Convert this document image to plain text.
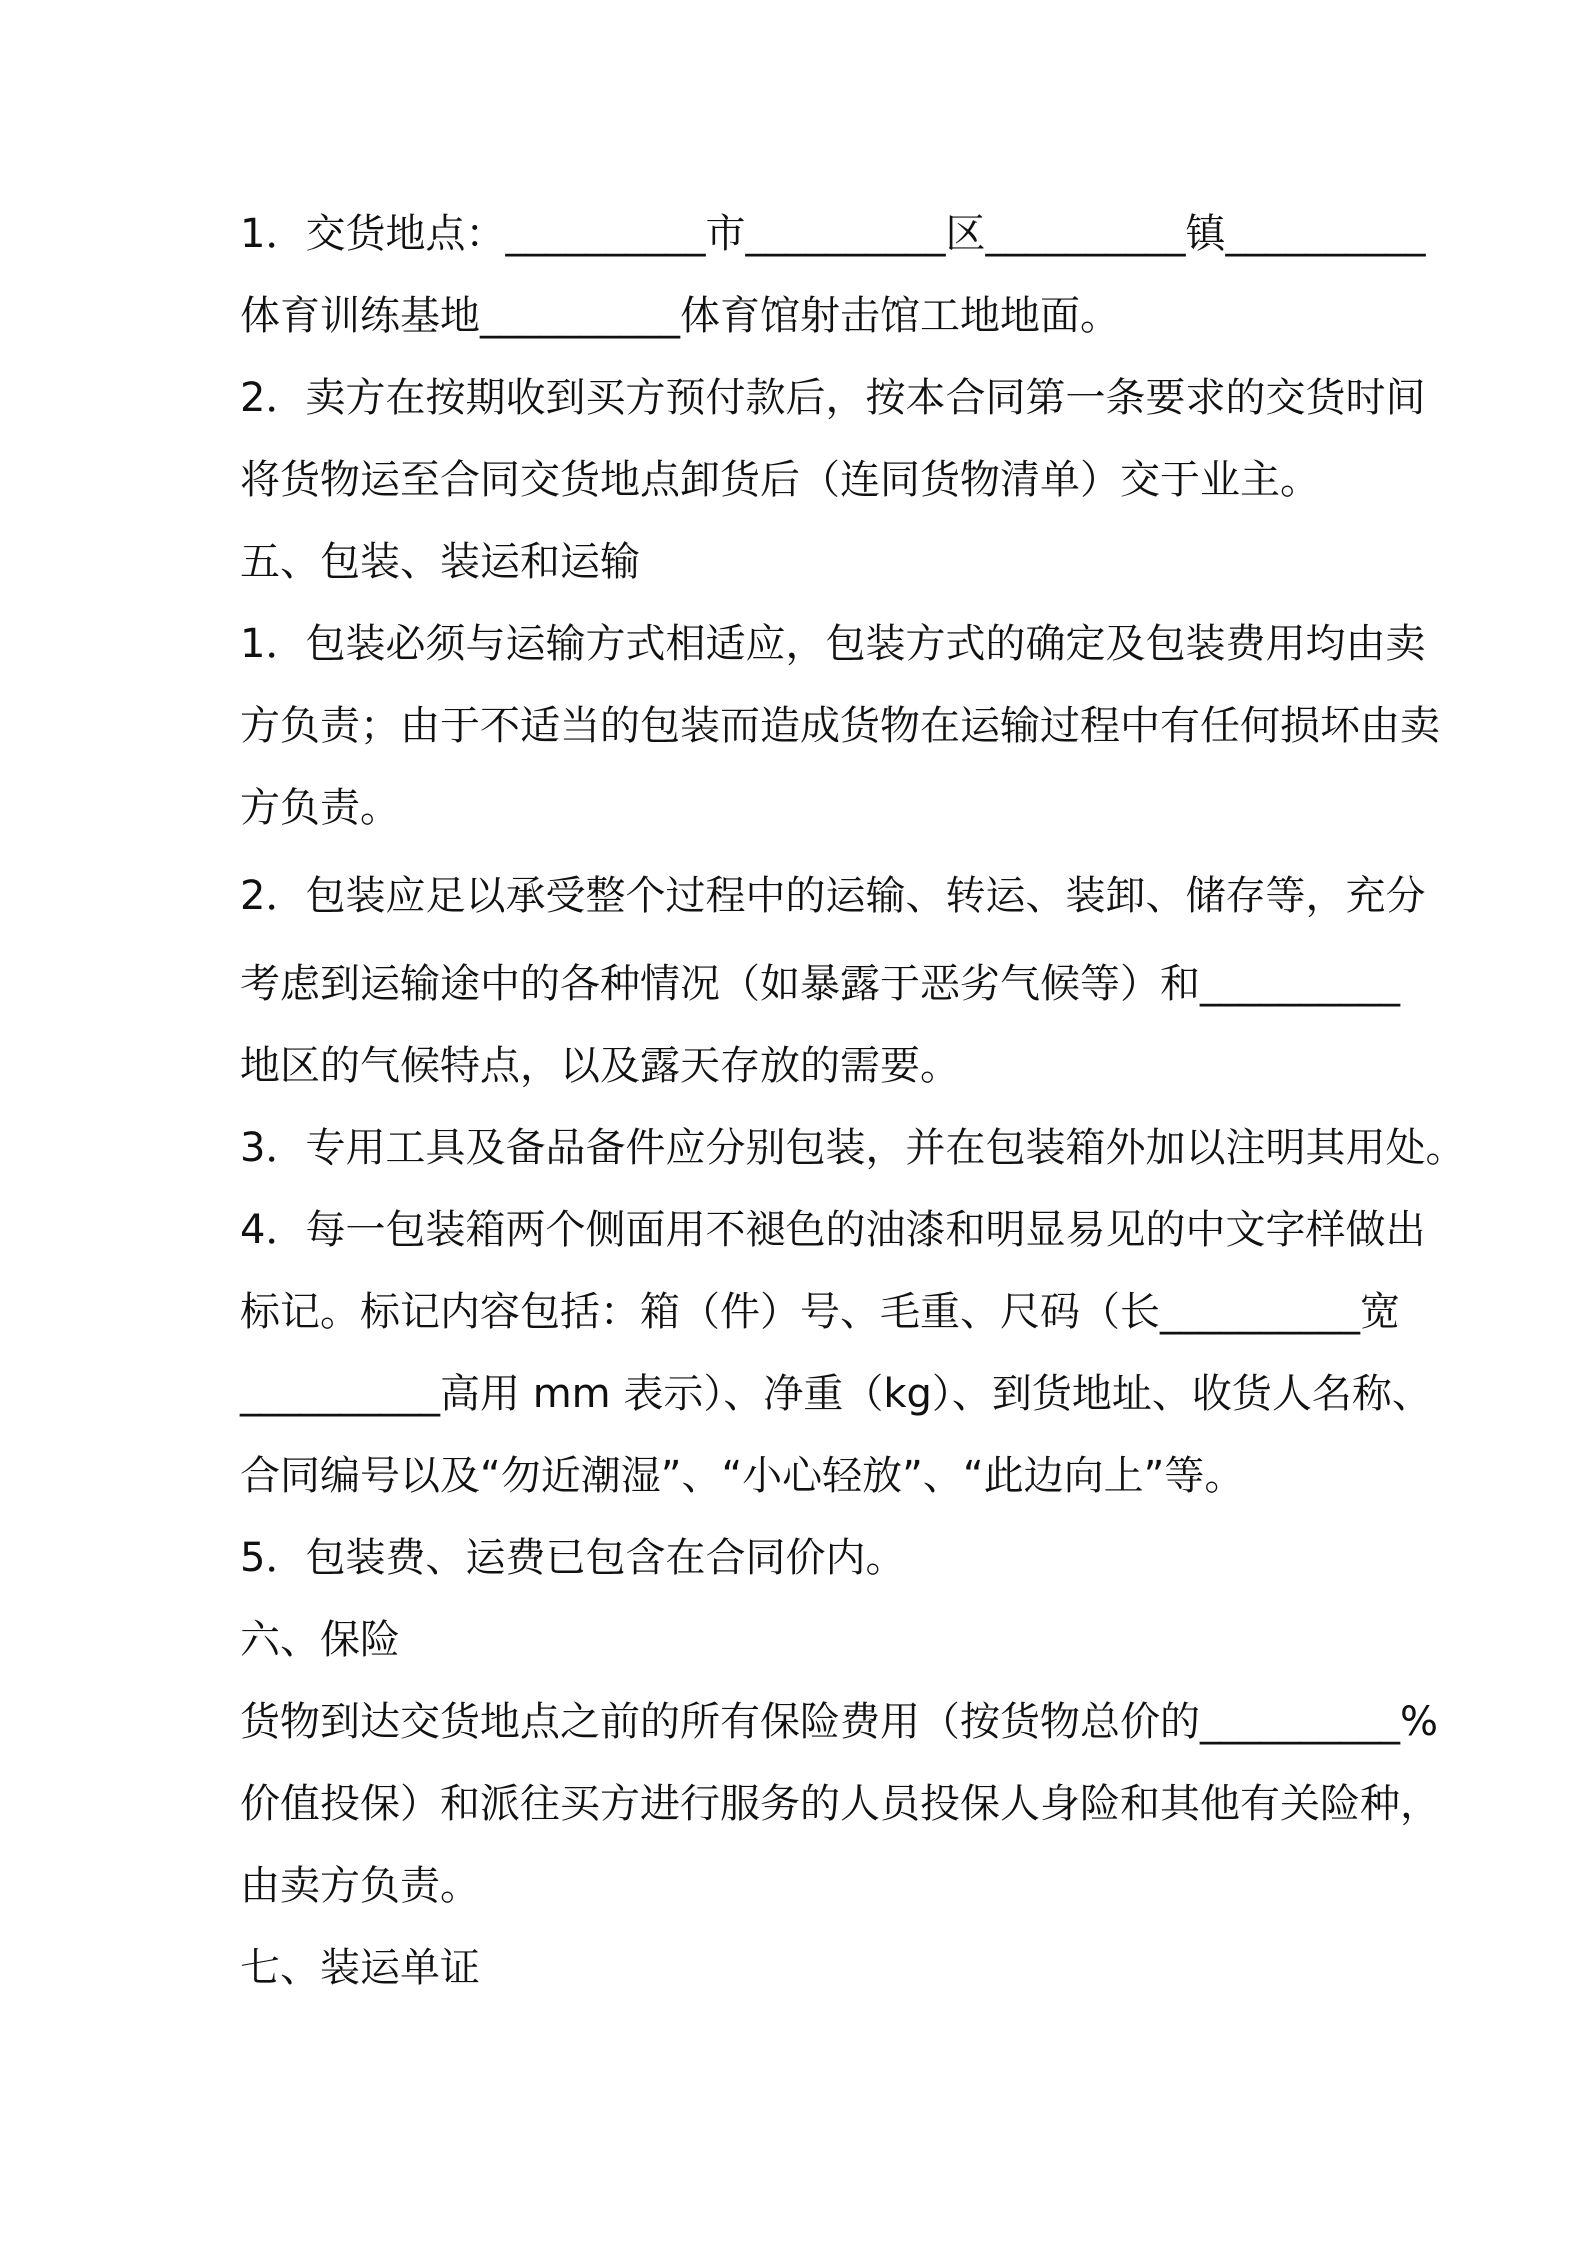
1．交货地点：__________市__________区__________镇__________
体育训练基地__________体育馆射击馆工地地面。
2．卖方在按期收到买方预付款后，按本合同第一条要求的交货时间
将货物运至合同交货地点卸货后（连同货物清单）交于业主。
五、包装、装运和运输
1．包装必须与运输方式相适应，包装方式的确定及包装费用均由卖
方负责；由于不适当的包装而造成货物在运输过程中有任何损坏由卖
方负责。
2．包装应足以承受整个过程中的运输、转运、装卸、储存等，充分
考虑到运输途中的各种情况（如暴露于恶劣气候等）和__________
地区的气候特点，以及露天存放的需要。
3．专用工具及备品备件应分别包装，并在包装箱外加以注明其用处。
4．每一包装箱两个侧面用不褪色的油漆和明显易见的中文字样做出
标记。标记内容包括：箱（件）号、毛重、尺码（长__________宽
__________高用 mm 表示）、净重（kg）、到货地址、收货人名称、
合同编号以及“勿近潮湿”、“小心轻放”、“此边向上”等。
5．包装费、运费已包含在合同价内。
六、保险
货物到达交货地点之前的所有保险费用（按货物总价的__________%
价值投保）和派往买方进行服务的人员投保人身险和其他有关险种，
由卖方负责。
七、装运单证
